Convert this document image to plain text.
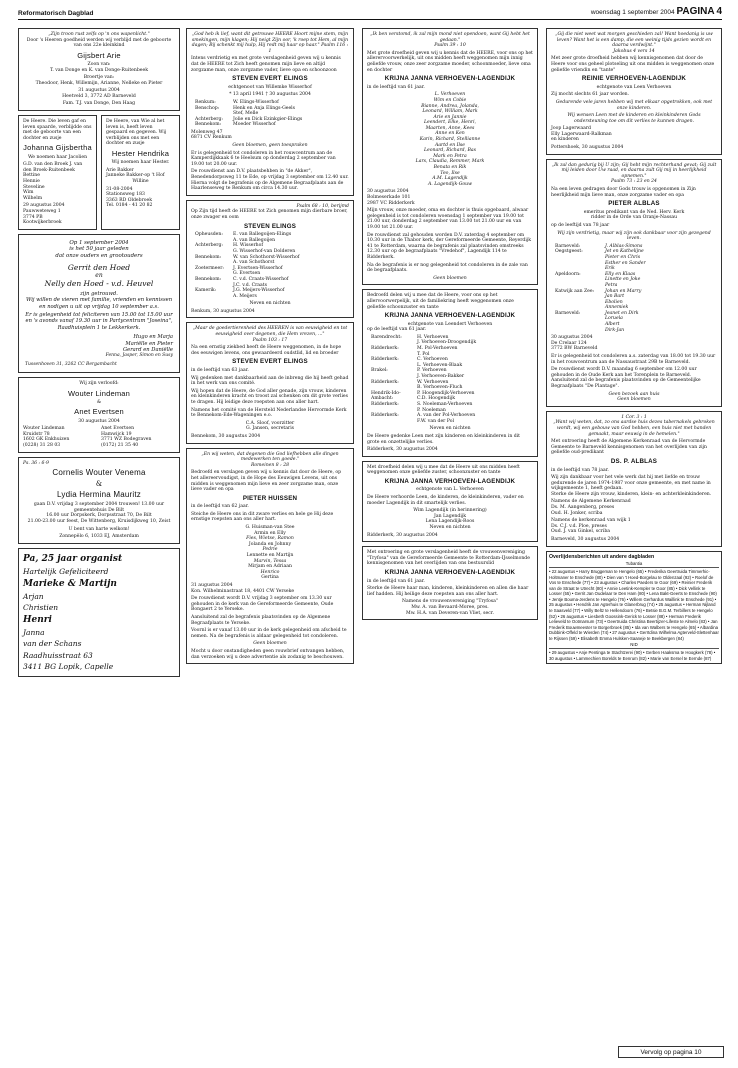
Reformatorisch Dagblad	woensdag 1 september 2004 PAGINA 4
„Zijn troon rust zelfs op 'n ons wapenlicht."
Door 's Heeren goedheid werden wij verblijd met de geboorte van ons 22e kleinkind
Gijsbert Arie
Zoon van:
T. van Donge en K. van Donge-Ruitenbeek
Broertje van:
Theodoor, Henk, Willemijn, Arianne, Nelleke en Pieter
31 augustus 2004
Heetveld 3, 3772 AD Barneveld
Fam. T.J. van Donge, Den Haag
De Heere. Die leven gaf en leven spaarde, verblijdde ons met de geboorte van een dochter en zusje
Johanna Gijsbertha
We noemen haar Jacolien
G.D. van den Broek J. van den Broek-Ruitenbeek
Bettine
Hennie
Steveline
Wim
Wilhelm
29 augustus 2004
Pauwweteweg 1
3774 PB
Kootwijkerbroek
De Heere, van Wie al het leven is, heeft leven gespaard en gegeven. Wij verblijden ons met een dochter en zusje
Hester Hendrika
Wij noemen haar Hester.
Arie Bakker
Janneke Bakker-op 't Hof
Willine
31-08-2004
Stationsweg 183
3363 RD Oldebroek
Tel. 0184 - 41 20 82
Op 1 september 2004
is het 50 jaar geleden
dat onze ouders en grootouders
Gerrit den Hoed
en
Nelly den Hoed - v.d. Heuvel
zijn getrouwd.
Wij willen de vieren met familie, vrienden en kennissen en nodigen u uit op vrijdag 10 september a.s.
Er is gelegenheid tot feliciteren van 15.00 tot 15.00 uur en 's avonds vanaf 19.30 uur in Partycentrum "Joseina", Raadhuisplein 1 te Lekkerkerk.
Hugo en Marja
Mariëlle en Pieter
Gerard en Daniëlle
Fenna, Jasper, Simon en Susy
Tussenhoven 31, 3262 CC Bergambacht
Wij zijn verloofd:
Wouter Lindeman
&
Anet Evertsen
30 augustus 2004
Wouter Lindeman
Kruidstr 78
1602 GK Enkhuizen
(0228) 31 28 03
Anet Evertsen
Hamwijck 19
3771 WZ Bodegraven
(0172) 21 35 40
Ps. 36 : 6-9
Cornelis Wouter Venema
&
Lydia Hermina Mauritz
gaan D.V. vrijdag 3 september 2004 trouwen! 13.00 uur gemeentehuis De Bilt
16.00 uur Dorpskerk, Dorpsstraat 70, De Bilt
21.00-23.00 uur feest, De Wittenberg, Kruisdijkweg 10, Zeist
U bent van harte welkom!
Zonnepëlo 6, 1033 EJ, Amsterdam
Pa, 25 jaar organist
Hartelijk Gefeliciteerd
Marieke & Martijn
Arjan
Christien
Henri
Janna
van der Schans
Raadhuisstraat 63
3411 BG Lopik, Capelle
„God heb ik lief, want dit getrouwe HEERE Hoort mijne stem, mijn smekingen, mijn klagen; Hij neigt Zijn oor, 'k roep tot Hem, al mijn dagen; Bij schenkt mij hulp, Hij redt mij haar op haar." Psalm 116 : 1
Intens verdrietig en met grote verslagenheid geven wij u kennis dat de HEERE tot Zich heeft genomen mijn lieve en altijd zorgzame man, onze zorgzame vader, lieve opa en schoonzoon
STEVEN EVERT ELINGS
echtgenoot van Willemke Wisserhof
* 13 april 1941 † 30 augustus 2004
Renkum:	W. Elings-Wisserhof
Benschop:	Henk en Anja Elings-Geels
Stef, Melle
Achterberg:	Jolie en Dick Ezinkgier-Elings
Bennekom:	Moeder Wisserhof
Molenweg 47
6871 CV Renkum
Geen bloemen, geen toespraken
Er is gelegenheid tot condoleren in het rouwcentrum aan de Kamperdijkkaak 6 te Heelsum op donderdag 2 september van 19.00 tot 20.00 uur.
De rouwdienst aan D.V. plaatsbehben in "de Akker", Benedendorpsweg 11 te Ede, op vrijdag 3 september om 12.40 uur. Hierna volgt de begrafenis op de Algemene Begraafplaats aan de Haarlenseweg te Renkum om circa 14.30 uur.
Psalm 68 : 10, berijmd
Op Zijn tijd heeft de HEERE tot Zich genomen mijn dierbare broer, onze zwager en oom
STEVEN ELINGS
Opheusden:	E. van Ballegoijen-Elings
A. van Ballegoijen
Achterberg:	H. Wisserhof
G. Wisserhof-van Dolderen
Bennekom:	W. van Schothorst-Wisserhof
A. van Schothorst
Zoetermeer:	J. Evertsen-Wisserhof
G. Evertsen
Bennekom:	C. v.d. Craats-Wisserhof
J.C. v.d. Craats
Kamerik:	J.G. Meijers-Wisserhof
A. Meijers
Neven en nichten
Renkum, 30 augustus 2004
„Maar de goedertierenheid des HEEREN is van eeuwigheid en tot eeuwigheid over degenen, die Hem vrezen, ..."
Psalm 103 : 17
Na een ernstig ziekbed heeft de Heere weggenomen, in de hope des eeuwigen levens, ons gewaardeerd oudstlid, lid en broeder
STEVEN EVERT ELINGS
in de leeftijd van 63 jaar.
Wij gedenken met dankbaarheid aan de inbreng die hij heeft gehad in het werk van ons comité.
Wij hopen dat de Heere, de God aller genade, zijn vrouw, kinderen en kleinkinderen kracht en troost zal schenken om dit grote verlies te dragen. Hij leidige deze roepsten aan ons aller hart.
Namens het comité van de Hersteld Nederlandse Hervormde Kerk te Bennekom-Ede-Wageningen e.o.
C.A. Sloof, voorzitter
G. Jansen, secretaris
Bennekom, 30 augustus 2004
„En wij weten, dat degenen die God liefhebben alle dingen medewerken ten goede."
Romeinen 8 : 28
Bedroefd en verslagen geven wij u kennis dat door de Heere, op het allereervoudigst, in de Hope des Eeuwigen Levens, uit ons midden is weggenomen mijn lieve en zeer zorgzame man, onze lieve vader en opa
PIETER HUISSEN
in de leeftijd van 62 jaar.
Steiche de Heere ons in dit zware verlies en hele ge Hij deze ernstige roepsten aan ons aller hart.
G. Huisman-van Stee
Armin en Elly
Fies, Wietse, Ramon
Jolanda en Johnny
Pedrie
Lennette en Martijn
Marvin, Tessa
Mirjam en Adriaan
Henrico
Gertina
31 augustus 2004
Kon. Wilhelminastraat 18, 4401 CW Yerseke
De rouwdienst wordt D.V. vrijdag 3 september om 13.30 uur gehouden in de kerk van de Gereformeerde Gemeente, Oude Bongaert 2 te Yerseke.
Aansluitend zal de begrafenis plaatsvinden op de Algemene Begraafplaats te Yerseke.
Voornl is er vanaf 13.00 uur in de kerk gelegenheid om afscheid te nemen. Na de begrafenis is aldaar gelegenheid tot condoleren.
Geen bloemen
Mocht u door onstandigheden geen rouwbrief ontvangen hebben, dan verzoeken wij u deze advertentie als zodanig te beschouwen.
„Ik ben verstomd, ik zal mijn mond niet opendoen, want Gij hebt het gedaan."
Psalm 39 : 10
Met grote droefheid geven wij u kennis dat de HEERE, voor ons op het allerervoorwerkelijk, uit ons midden heeft weggenomen mijn innig geliefde vrouw, onze zeer zorgzame moeder, schoonmoeder, lieve oma en dochter
KRIJNA JANNA VERHOEVEN-LAGENDIJK
in de leeftijd van 61 jaar.
L. Verhoeven
Wim en Cobie
Bianne, Andrea, Jolanda,
Leonard, William, Mark
Arie en Jannie
Leendert, Elke, Henri,
Maarten, Anne, Kees
Anne en Ken
Karin, Richard, Stellianne
Aartd en Ilse
Leonard, Richard, Bas
Mark en Petra
Lars, Claudia, Remmer, Mark
Benata en Rik
Teo, Ilse
A.M. Lagendijk
A. Lagendijk-Gouw
30 augustus 2004
Bolmeserkade 101
2987 VC Ridderkerk
Mijn vrouw, onze moeder, oma en dochter is thuis opgebaard, alwaar gelegenheid is tot condoleren woensdag 1 september van 19.00 tot 21.00 uur, donderdag 2 september van 13.00 tot 21.00 uur en van 19.00 tot 21.00 uur.
De rouwdienst zal gehouden worden D.V. zaterdag 4 september om 10.30 uur in de Thabor kerk, der Gereformeerde Gemeente, Reyerdijk 41 te Rotterdam, waarna de begrafenis zal plaatsvinden omstreeks 12.30 uur op de begraafplaats "Vredehof", Lagendijk 114 te Ridderkerk.
Na de begrafenis is er nog gelegenheid tot condoleren in de zale van de begraafplaats.
Geen bloemen
Bedroefd delen wij u mee dat de Heere, voor ons op het allervoorwerpelijk, uit de familiekring heeft weggenomen onze geliefde schoonzuster en tante
KRIJNA JANNA VERHOEVEN-LAGENDIJK
echtgenote van Leendert Verhoeven
op de leeftijd van 61 jaar.
Barendrecht:	H. Verhoeven
J. Verhoeven-Droogendijk
Ridderkerk:	M. Pol-Verhoeven
T. Pol
Ridderkerk:	C. Verhoeven
L. Verhoeven-Blaak
Brakel:	P. Verhoeven
J. Verhoeven-Bakker
Ridderkerk:	W. Verhoeven
B. Verhoeven-Fluch
Hendrik-Ido-Ambacht:
P. Hoogendijk-Verhoeven
C.D. Hoogendijk
Ridderkerk:	S. Noeleman-Verhoeven
P. Noeleman
Ridderkerk:	A. van der Pol-Verhoeven
F.W. van der Pol
Neven en nichten
De Heere gedenke Leen met zijn kinderen en kleinkinderen in dit grote en onzettelijke verlies.
Ridderkerk, 30 augustus 2004
Met droefheid delen wij u mee dat de Heere uit ons midden heeft weggenomen onze geliefde zuster, schoonzuster en tante
KRIJNA JANNA VERHOEVEN-LAGENDIJK
echtgenote van L. Verhoeven
De Heere verhoorde Leen, de kinderen, de kleinkinderen, vader en moeder Lagendijk in dit smartelijk verlies.
Wim Lagendijk (in herinnering)
Jan Lagendijk
Lena Lagendijk-Roos
Neven en nichten
Ridderkerk, 30 augustus 2004
Met ontroering en grote verslagenheid heeft de vrouwenvereniging "Tryfosa" van de Gereformeerde Gemeente te Rotterdam-IJsselmonde kennisgenomen van het overlijden van ons bestuurslid
KRIJNA JANNA VERHOEVEN-LAGENDIJK
in de leeftijd van 61 jaar.
Sterke de Heere haar man, kinderen, kleinkinderen en allen die haar lief hadden. Hij heilige deze roepsten aan ons aller hart.
Namens de vrouwenvereniging "Tryfosa"
Mw. A. van Bevaard-Moree, pres.
Mw. H.A. van Deveren-van Vliet, secr.
„Gij die niet weet wat morgen geschieden zal! Want hoedanig is uw leven? Want het is een damp, die een weinig tijds gezien wordt en daarna verdwijnt."
Jakobus 4 vers 14
Met zeer grote droefheid hebben wij kennisgenomen dat door de Heere voor ons geheel plotseling uit ons midden is weggenomen onze geliefde vriendin en "tante"
REINIE VERHOEVEN-LAGENDIJK
echtgenote van Leen Verhoeven
Zij mocht slechts 61 jaar worden.
Gedurende vele jaren hebben wij met elkaar opgetrokken, ook met onze kinderen.
Wij wensen Leen met de kinderen en kleinkinderen Gods ondersteuning toe om dit verlies te kunnen dragen.
Joop Lagerwaard
Elly Lagerwaard-Ralkman
en kinderen
Pottershoek, 30 augustus 2004
„Ik zal dan gedurig bij U zijn; Gij hebt mijn rechterhand gevat; Gij zult mij leiden door Uw raad, en daarna zult Gij mij in heerlijkheid opnemen."
Psalm 73 : 23 en 24
Na een leven gedragen door Gods trouw is opgenomen in Zijn heerlijkheid mijn lieve man, onze zorgzame vader en opa
PIETER ALBLAS
emeritus predikant van de Ned. Herv. Kerk
ridder in de Orde van Oranje-Nassau
op de leeftijd van 78 jaar
Wij zijn verdrietig, maar wij zijn ook dankbaar voor zijn gezegend leven.
Barneveld:	J. Alblas-Simons
Oegstgeest:	Jet en Kathelijne
Pieter en Chris
Esther en Sander
Erik
Apeldoorn:	Elly en Klaas
Linette en Joke
Petra
Katwijk aan Zee:	Johan en Marry
Jan Bart
Ebolien
Annemiek
Barneveld:	Jeanet en Dirk
Loruela
Albert
Dirk-Jan
30 augustus 2004
De Crelaar 124
3772 BW Barneveld
Er is gelegenheid tot condoleren a.s. zaterdag van 18.00 tot 19.30 uur in het rouwcentrum aan de Nassaustraat 29B te Barneveld.
De rouwdienst wordt D.V. maandag 6 september om 12.00 uur gehouden in de Oude Kerk aan het Torenplein te Barneveld. Aansluitend zal de begrafenis plaatsvinden op de Gemeentelijke Begraafplaats "De Plantage".
Geen bezoek aan huis
Geen bloemen
1 Cor. 3 : 1
„Want wij weten, dat, zo ons aardse huis dezes tabernakels gebroken wordt, wij een gebouw van God hebben, een huis niet met handen gemaakt, maar eeuwig in de hemelen."
Met ontroering heeft de Algemene Kerkenraad van de Hervormde Gemeente te Barneveld kennisgenomen van het overlijden van zijn geliefde oud-predikant
DS. P. ALBLAS
in de leeftijd van 78 jaar.
Wij zijn dankbaar voor het vele werk dat hij met liefde en trouw gedurende de jaren 1974-1987 voor onze gemeente, en met name in wijkgemeente 1, heeft gedaan.
Sterke de Heere zijn vrouw, kinderen, klein- en achterkleinkinderen.
Namens de Algemene Kerkenraad
Ds. M. Aangenberg, preses
Oud. H. Jonker, scriba
Namens de kerkenraad van wijk 1
Ds. C.J. v.d. Ploe, preses
Oud. J. van Ginkel, scriba
Barneveld, 30 augustus 2004
Overlijdensberichten uit andere dagbladen
Tubantia
• 22 augustus • Harry Bruggeman te Hengelo (65) • Frederika Geertruida Timmerhic-Holtmaner te Enschede (80) • Dien van 't Hoed-Borgelau te Oldenzaal (92) • Roelof de Vos te Enschede (77) • 23 augustus • Charles Paeders te Goor (69) • Reinier Frederik van de Straat te Utrecht (80) • Annie Leetink-Kempler te Goor (85) • Dick Vellink te Losser (55) • Gerrit Jan Oudelaar te Den Ham (80) • Lena Bakt-Geerts te Enschede (90) • Jentje Bouma-Jerdens te Hengelo (76) • Willem Gerhardus Waillink te Enschede (91) • 25 augustus • Hendrik Jan Agterhuis te Glanerbrug (74) • 25 augustus • Herman Nijland te Saasveld (77) • Willy Beltz te Hellendoorn (76) • Betsie B.G.M. Terbillers te Hengelo (52) • 26 augustus • Liesbeth Goossink-Gerick te Losser (88) • Herman Frederik Lelieveld te Ootmarsum (73) • Geertruida Christina Beertijzer-Lifeste te Almelo (83) • Jan Frederik Bouwmeester te Borgerbroek (85) • Ida van Walbers te Hengelo (65) • Albardina Dubbink-Offeld te Wierden (74) • 27 augustus • Gerrtdina Wilhelma Agterveld-Slettenhaar te Rijssen (59) • Elisabeth Emma Hulsken-Saaneje te Beekbergen (84)
NID
• 29 augustus • Anje Pentinga te Stachtzerei (90) • Gerben Haaksma te Hoogkerk (78) • 30 augustus • Lammechien Borelds te Eenrum (82) • Marie van Eersel te Eernde (87)
Vervolg op pagina 10
